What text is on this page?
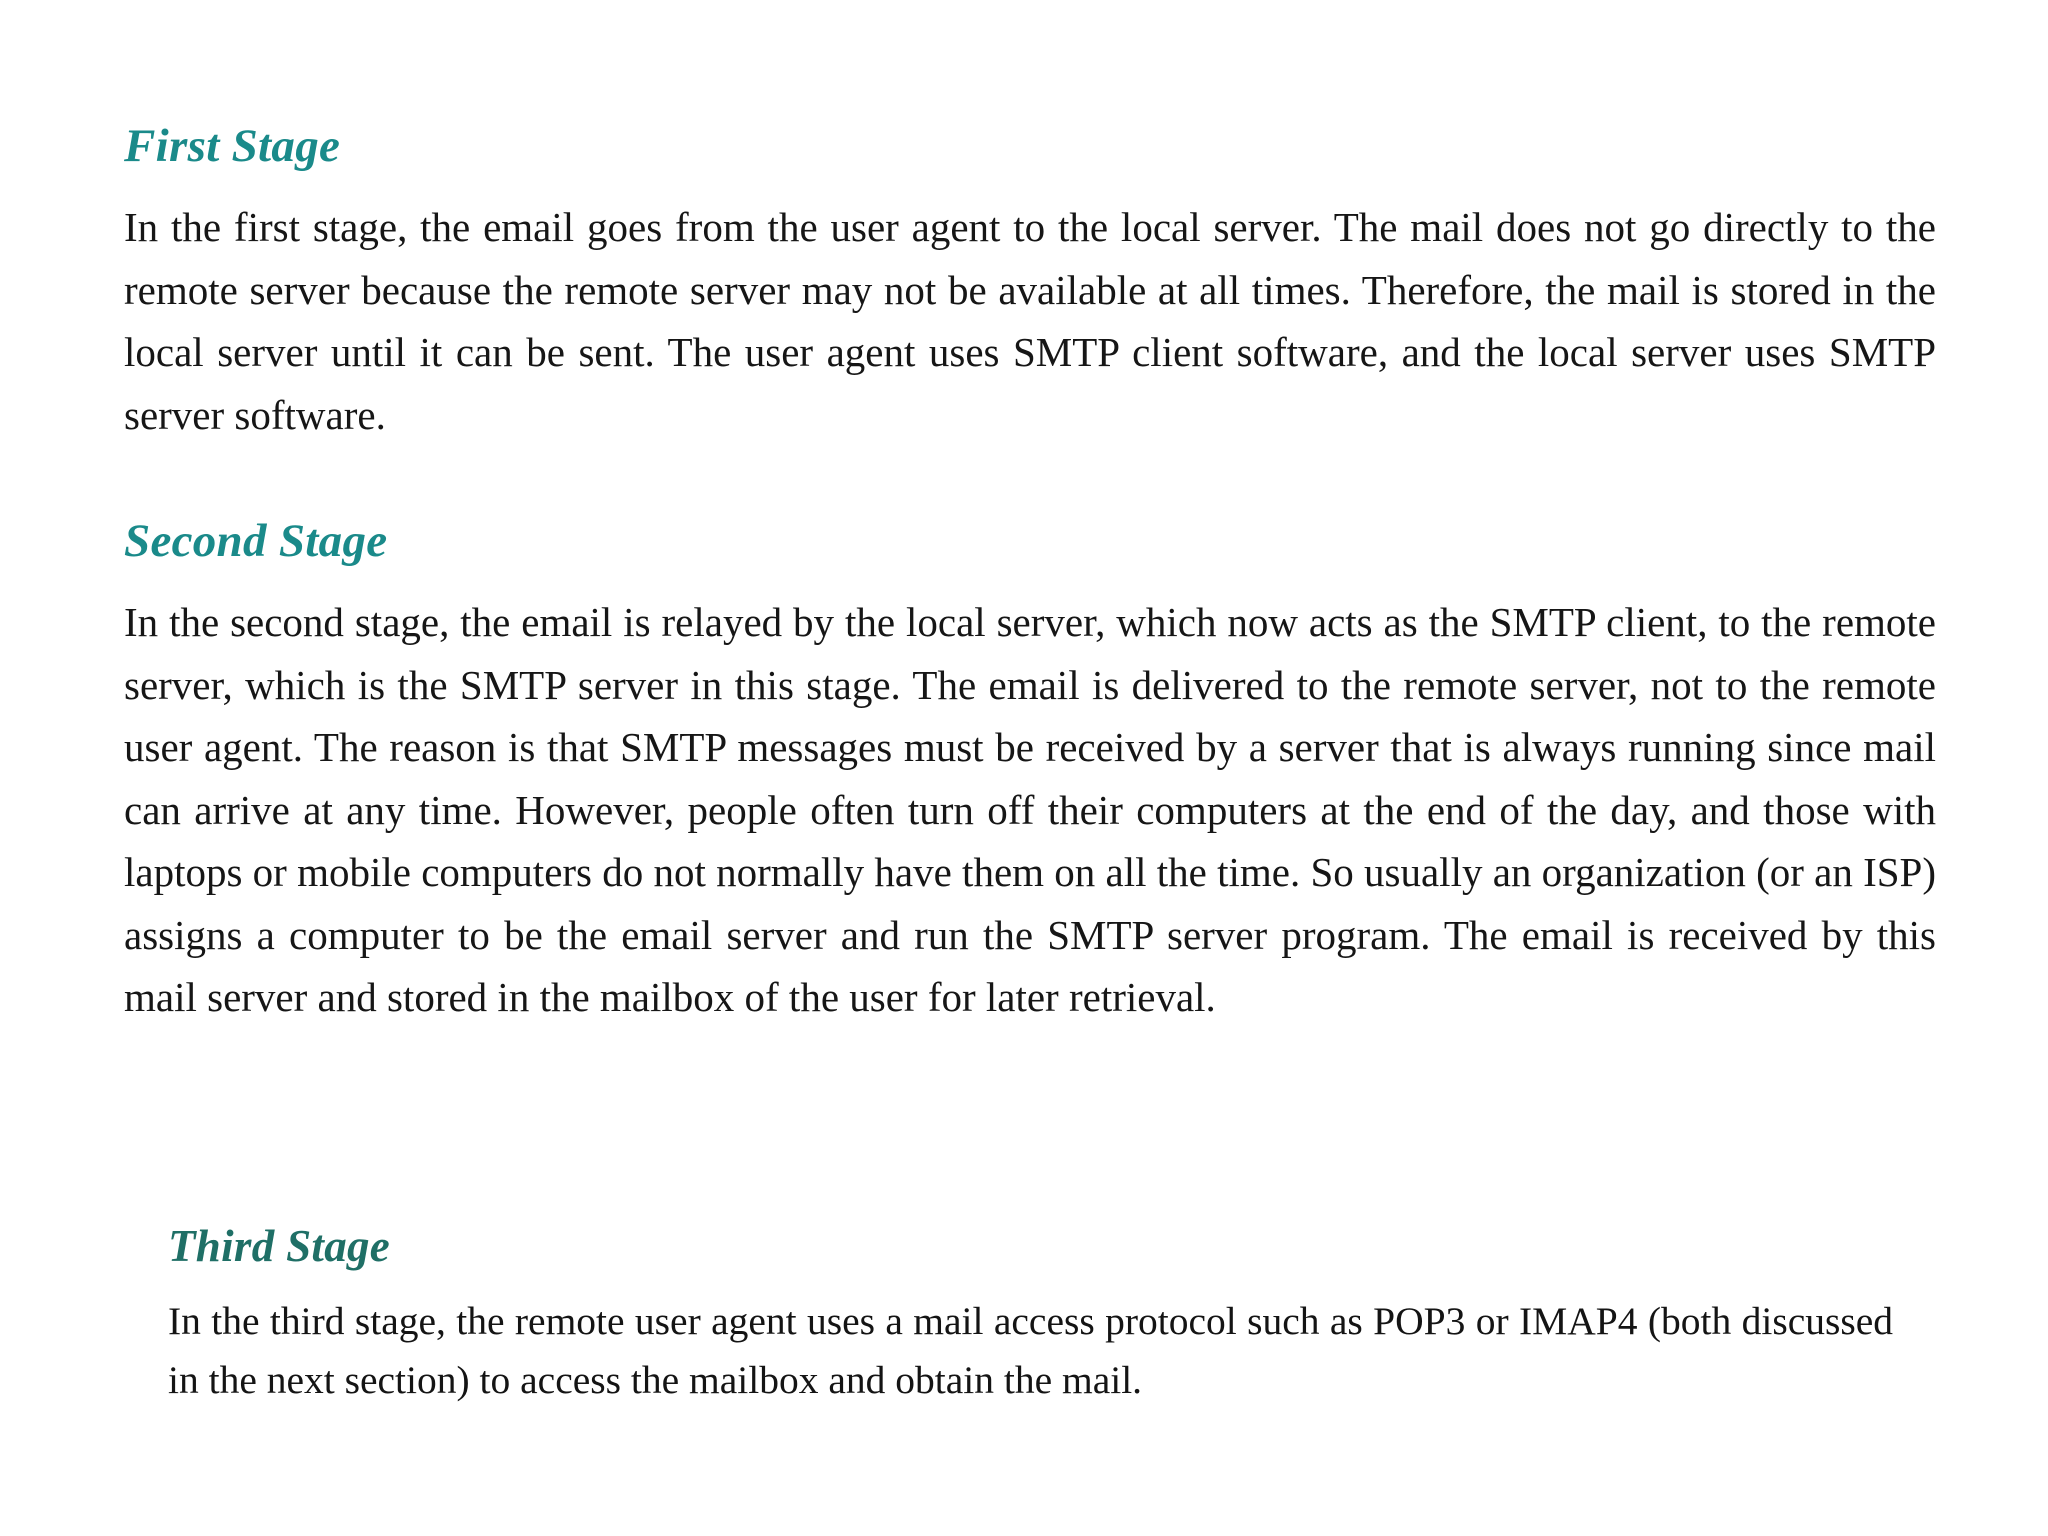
First Stage

In the first stage, the email goes from the user agent to the local server. The mail does not go directly to the remote server because the remote server may not be available at all times. Therefore, the mail is stored in the local server until it can be sent. The user agent uses SMTP client software, and the local server uses SMTP server software.

Second Stage

In the second stage, the email is relayed by the local server, which now acts as the SMTP client, to the remote server, which is the SMTP server in this stage. The email is delivered to the remote server, not to the remote user agent. The reason is that SMTP messages must be received by a server that is always running since mail can arrive at any time. However, people often turn off their computers at the end of the day, and those with laptops or mobile computers do not normally have them on all the time. So usually an organization (or an ISP) assigns a computer to be the email server and run the SMTP server program. The email is received by this mail server and stored in the mailbox of the user for later retrieval.

Third Stage

In the third stage, the remote user agent uses a mail access protocol such as POP3 or IMAP4 (both discussed in the next section) to access the mailbox and obtain the mail.
